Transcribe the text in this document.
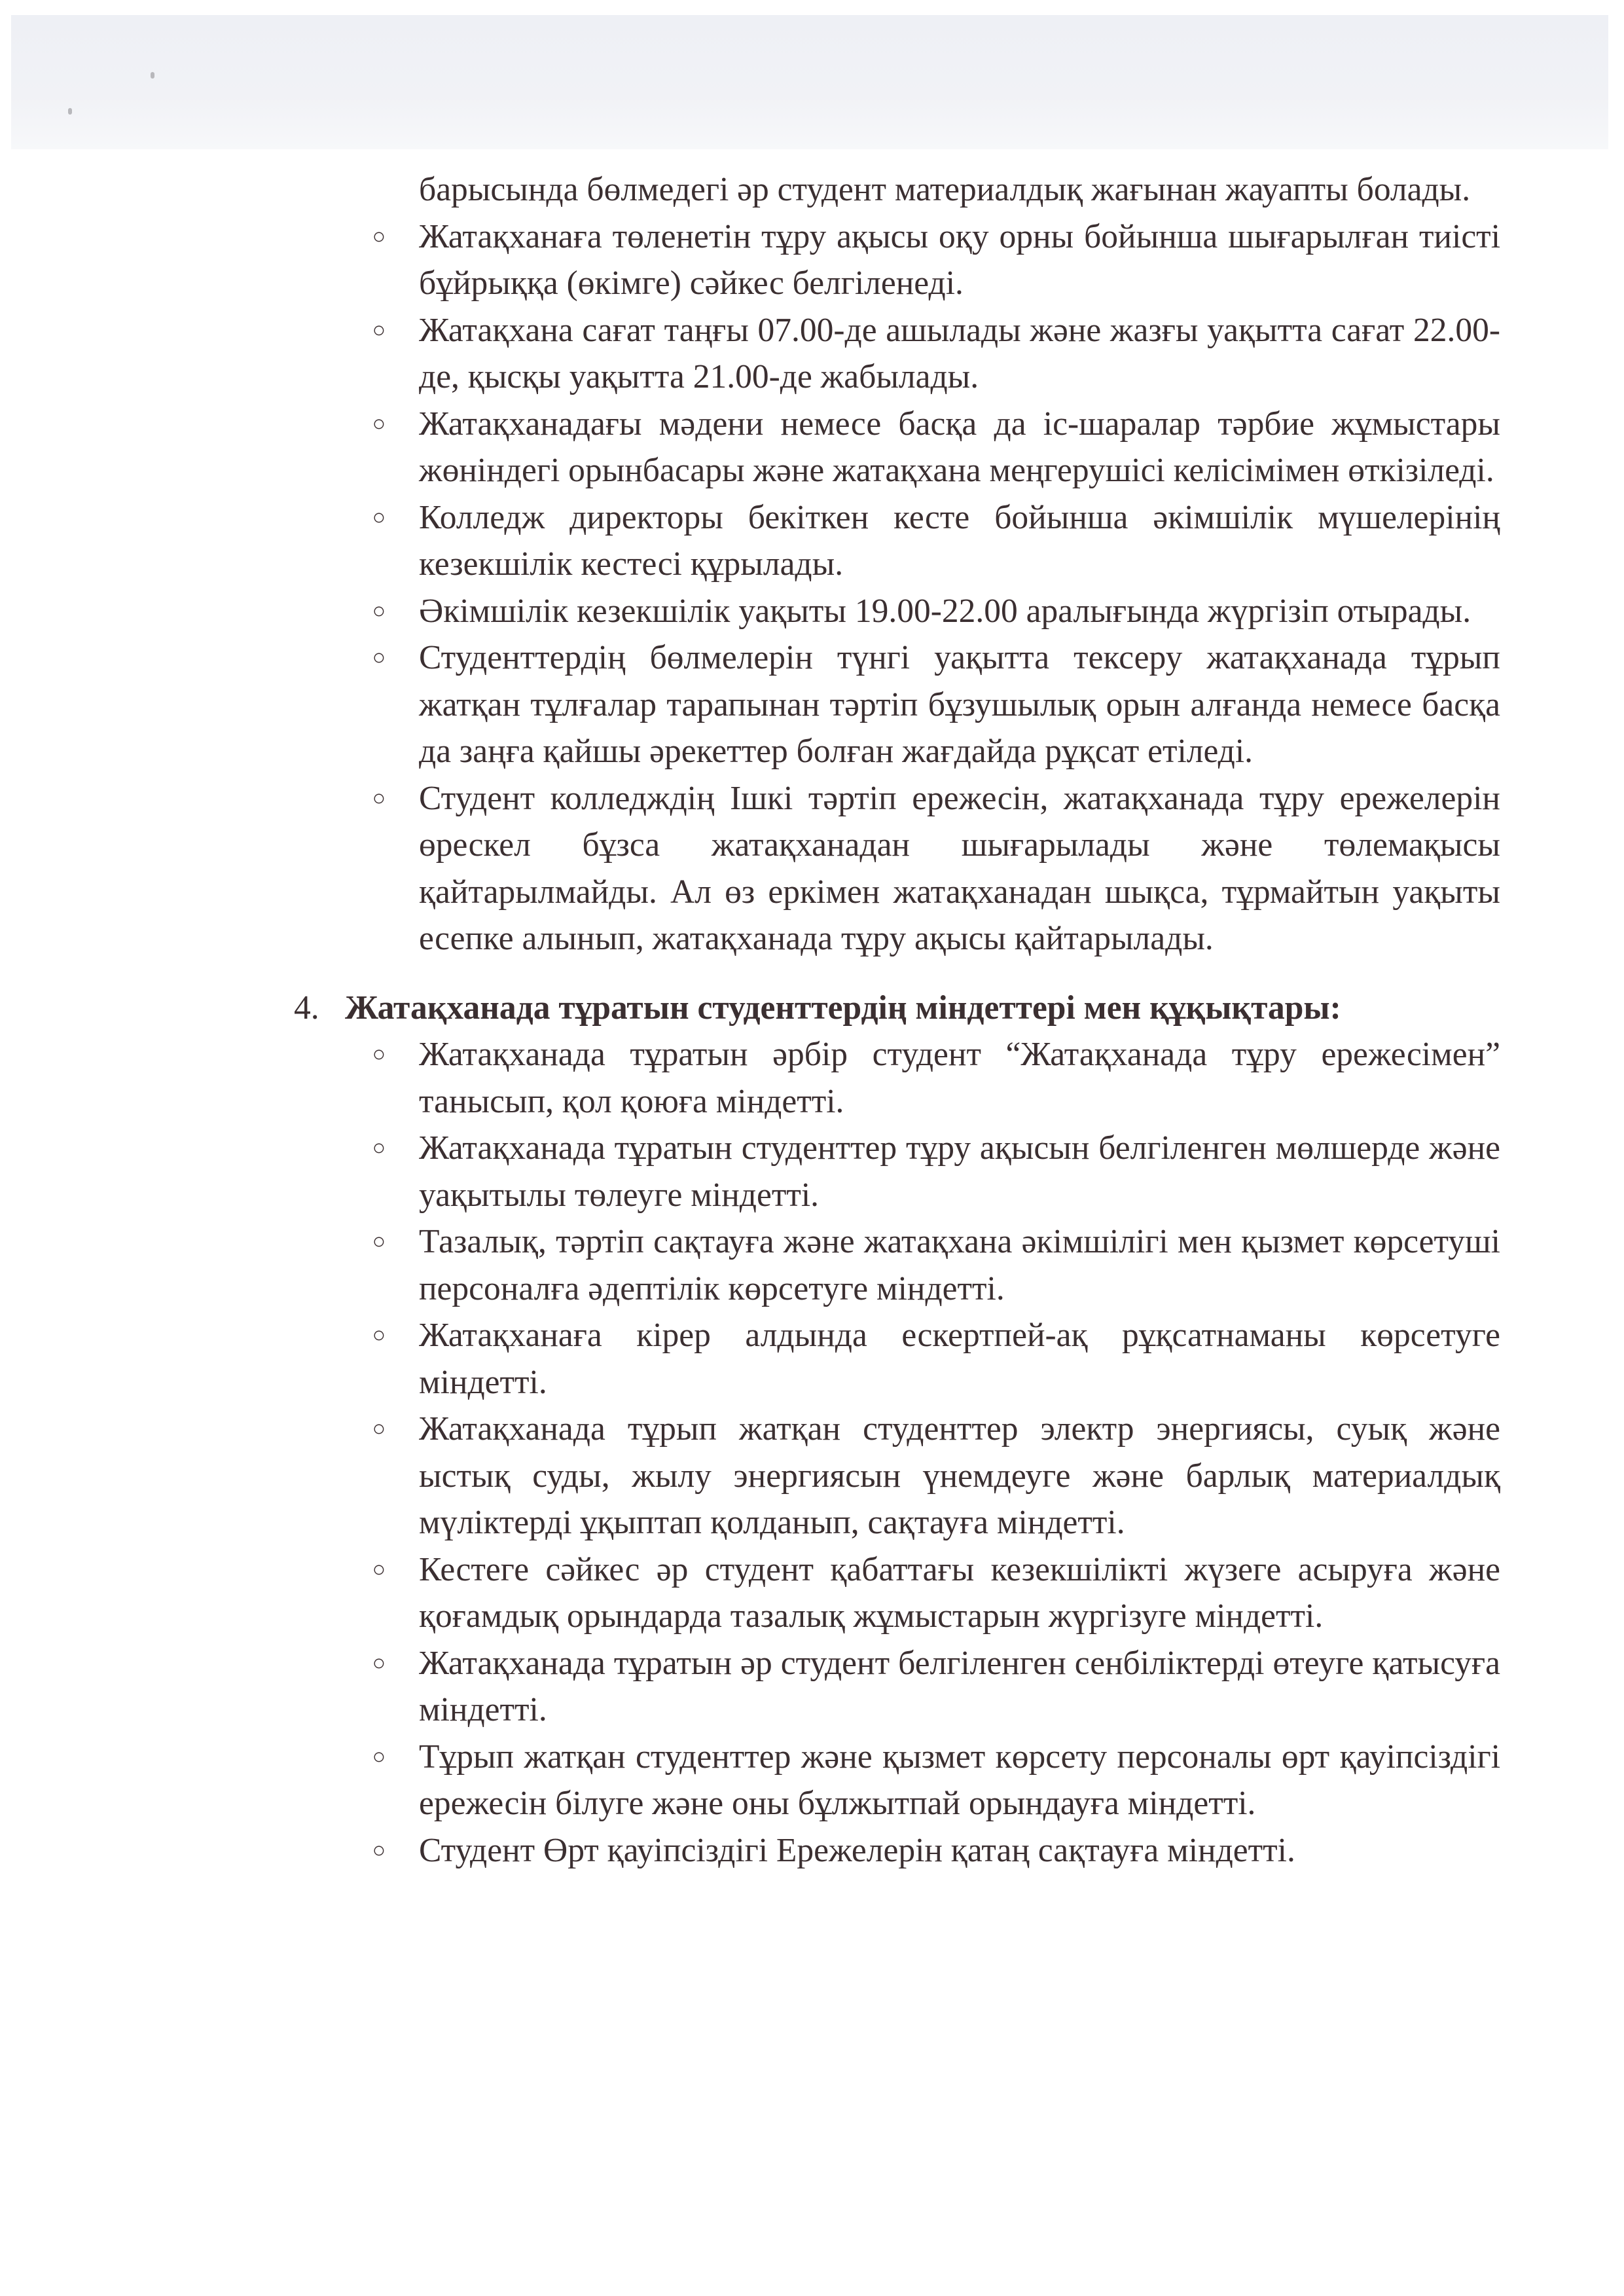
барысында бөлмедегі әр студент материалдық жағынан жауапты болады.
○ Жатақханаға төленетін тұру ақысы оқу орны бойынша шығарылған тиісті бұйрыққа (өкімге) сәйкес белгіленеді.
○ Жатақхана сағат таңғы 07.00-де ашылады және жазғы уақытта сағат 22.00-де, қысқы уақытта 21.00-де жабылады.
○ Жатақханадағы мәдени немесе басқа да іс-шаралар тәрбие жұмыстары жөніндегі орынбасары және жатақхана меңгерушісі келісімімен өткізіледі.
○ Колледж директоры бекіткен кесте бойынша әкімшілік мүшелерінің кезекшілік кестесі құрылады.
○ Әкімшілік кезекшілік уақыты 19.00-22.00 аралығында жүргізіп отырады.
○ Студенттердің бөлмелерін түнгі уақытта тексеру жатақханада тұрып жатқан тұлғалар тарапынан тәртіп бұзушылық орын алғанда немесе басқа да заңға қайшы әрекеттер болған жағдайда рұқсат етіледі.
○ Студент колледждің Ішкі тәртіп ережесін, жатақханада тұру ережелерін өрескел бұзса жатақханадан шығарылады және төлемақысы қайтарылмайды. Ал өз еркімен жатақханадан шықса, тұрмайтын уақыты есепке алынып, жатақханада тұру ақысы қайтарылады.
4. Жатақханада тұратын студенттердің міндеттері мен құқықтары:
○ Жатақханада тұратын әрбір студент “Жатақханада тұру ережесімен” танысып, қол қоюға міндетті.
○ Жатақханада тұратын студенттер тұру ақысын белгіленген мөлшерде және уақытылы төлеуге міндетті.
○ Тазалық, тәртіп сақтауға және жатақхана әкімшілігі мен қызмет көрсетуші персоналға әдептілік көрсетуге міндетті.
○ Жатақханаға кірер алдында ескертпей-ақ рұқсатнаманы көрсетуге міндетті.
○ Жатақханада тұрып жатқан студенттер электр энергиясы, суық және ыстық суды, жылу энергиясын үнемдеуге және барлық материалдық мүліктерді ұқыптап қолданып, сақтауға міндетті.
○ Кестеге сәйкес әр студент қабаттағы кезекшілікті жүзеге асыруға және қоғамдық орындарда тазалық жұмыстарын жүргізуге міндетті.
○ Жатақханада тұратын әр студент белгіленген сенбіліктерді өтеуге қатысуға міндетті.
○ Тұрып жатқан студенттер және қызмет көрсету персоналы өрт қауіпсіздігі ережесін білуге және оны бұлжытпай орындауға міндетті.
○ Студент Өрт қауіпсіздігі Ережелерін қатаң сақтауға міндетті.
